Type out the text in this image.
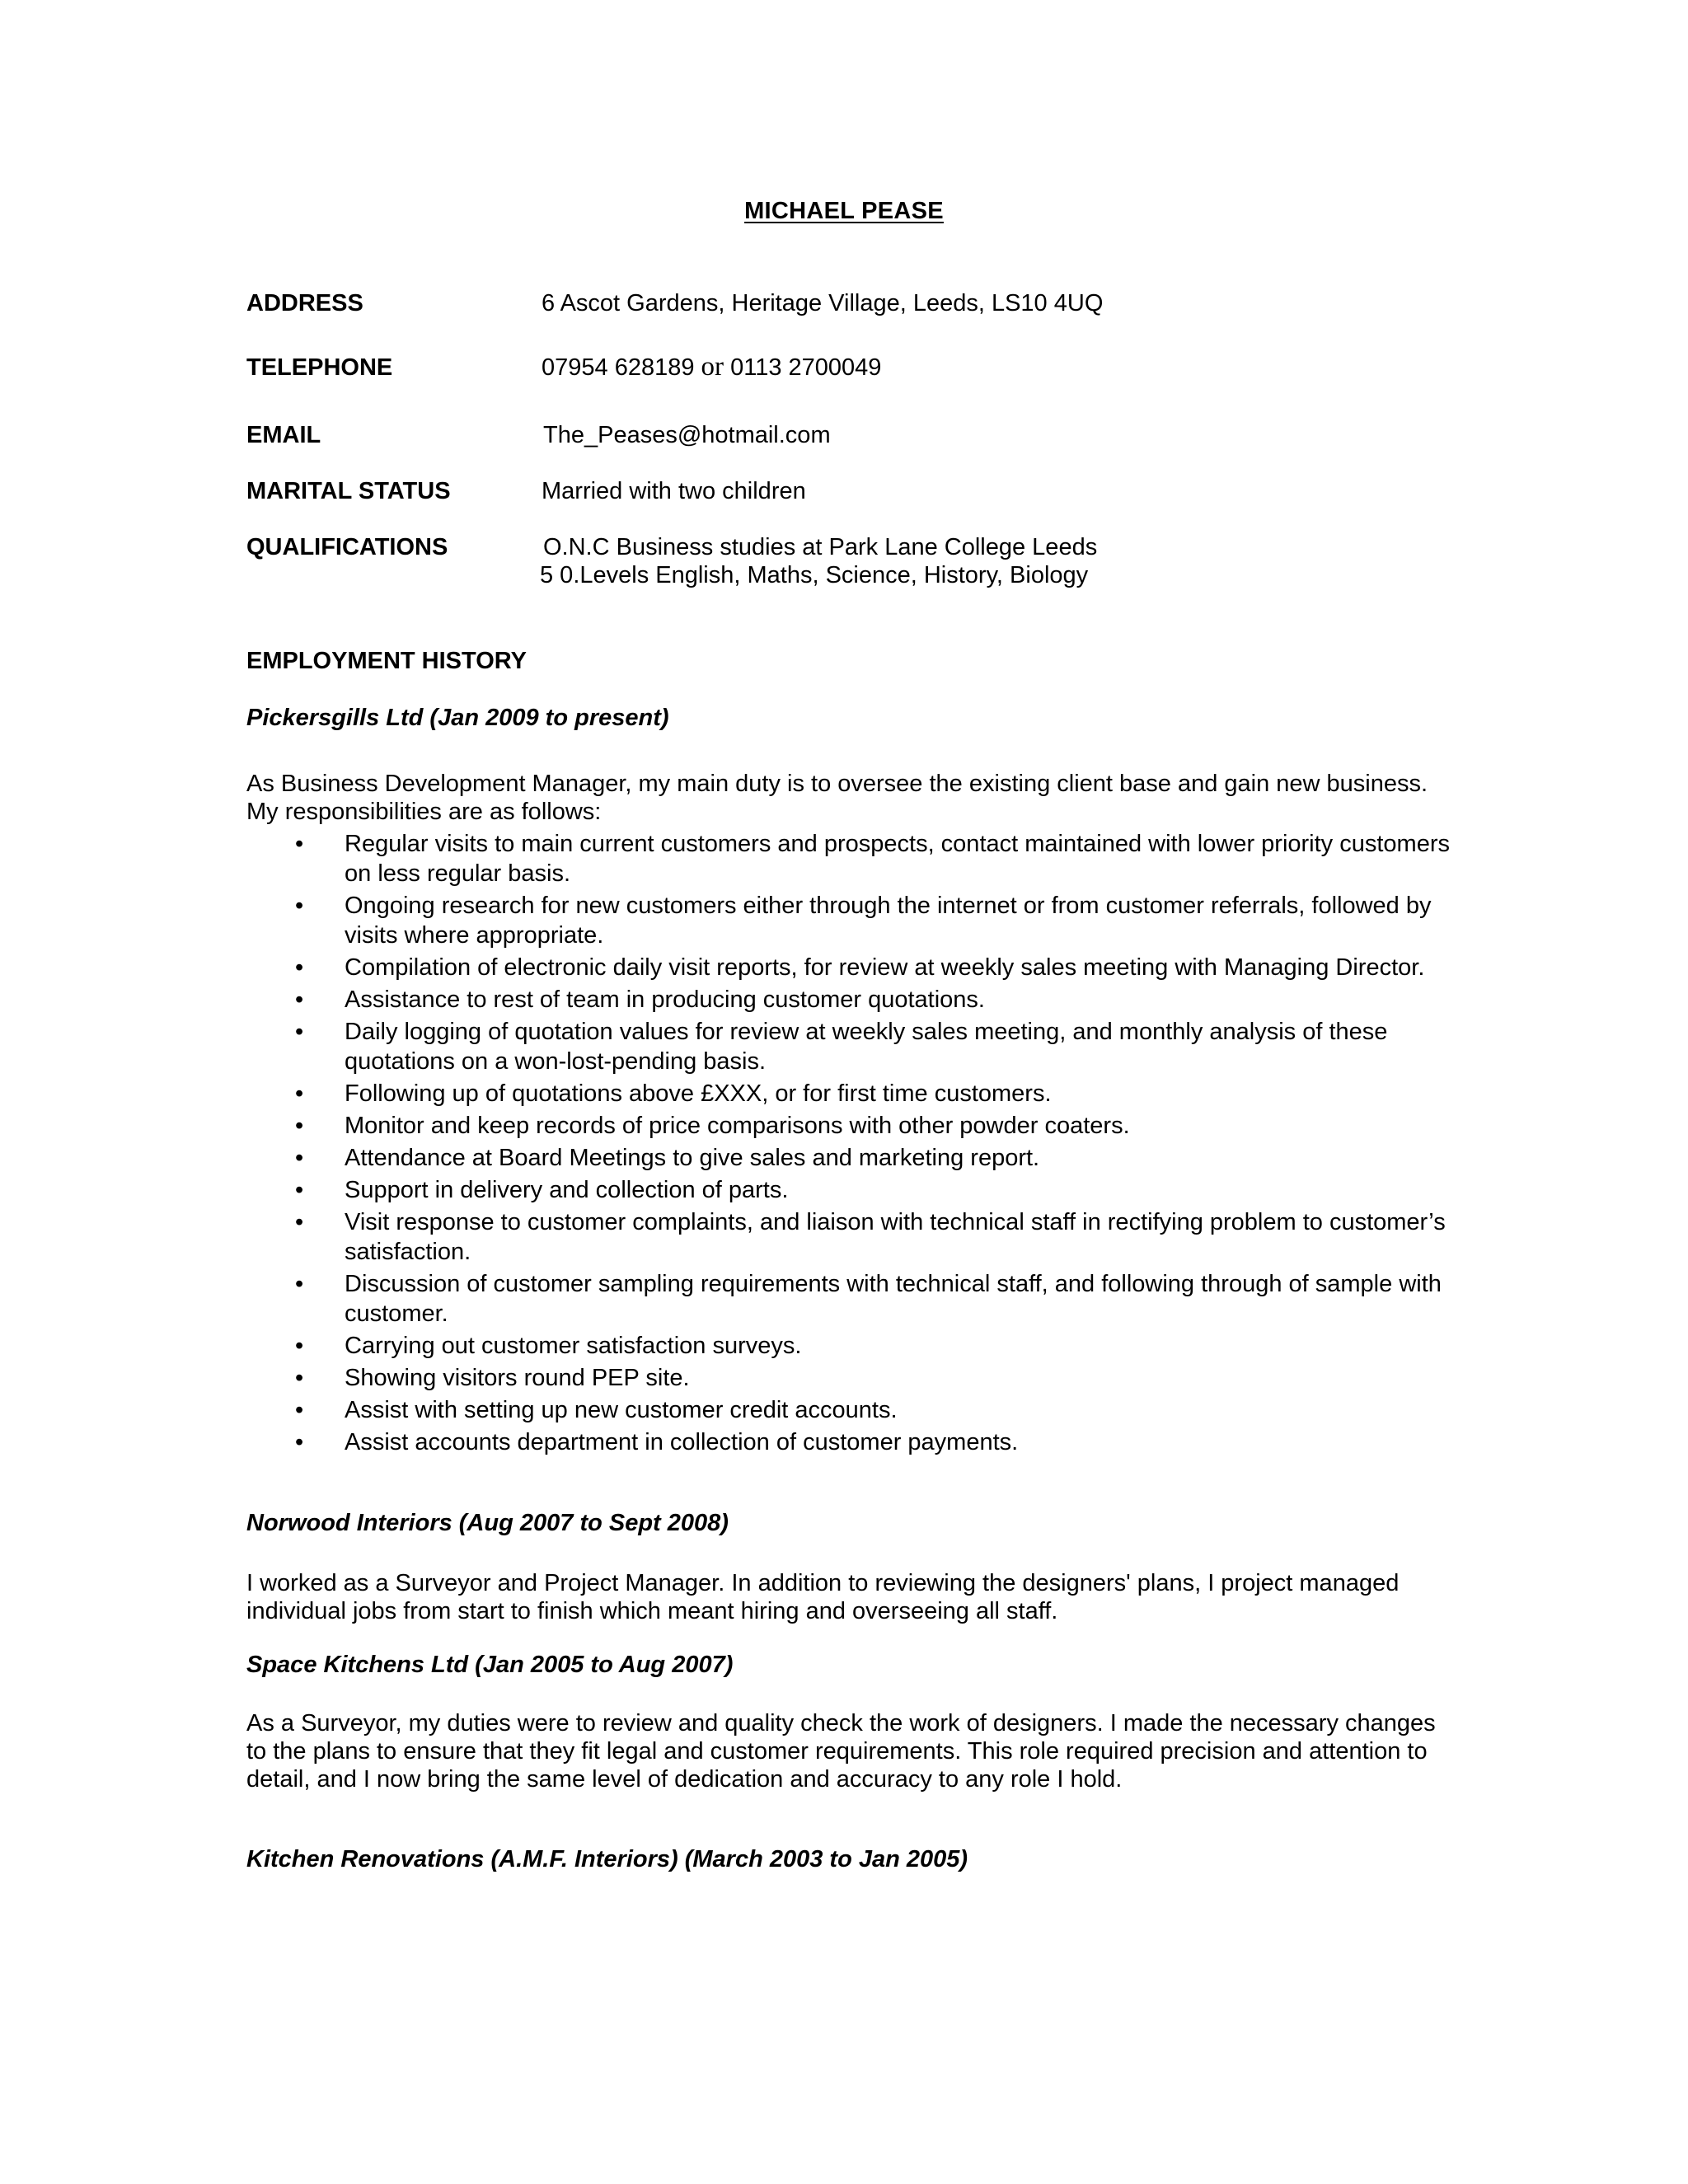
MICHAEL PEASE
ADDRESS	6 Ascot Gardens, Heritage Village, Leeds, LS10 4UQ
TELEPHONE	07954 628189 or 0113 2700049
EMAIL	The_Peases@hotmail.com
MARITAL STATUS	Married with two children
QUALIFICATIONS	O.N.C Business studies at Park Lane College Leeds
5 0.Levels English, Maths, Science, History, Biology
EMPLOYMENT HISTORY
Pickersgills Ltd (Jan 2009 to present)

As Business Development Manager, my main duty is to oversee the existing client base and gain new business. My responsibilities are as follows:

• Regular visits to main current customers and prospects, contact maintained with lower priority customers on less regular basis.
• Ongoing research for new customers either through the internet or from customer referrals, followed by visits where appropriate.
• Compilation of electronic daily visit reports, for review at weekly sales meeting with Managing Director.
• Assistance to rest of team in producing customer quotations.
• Daily logging of quotation values for review at weekly sales meeting, and monthly analysis of these quotations on a won-lost-pending basis.
• Following up of quotations above £XXX, or for first time customers.
• Monitor and keep records of price comparisons with other powder coaters.
• Attendance at Board Meetings to give sales and marketing report.
• Support in delivery and collection of parts.
• Visit response to customer complaints, and liaison with technical staff in rectifying problem to customer’s satisfaction.
• Discussion of customer sampling requirements with technical staff, and following through of sample with customer.
• Carrying out customer satisfaction surveys.
• Showing visitors round PEP site.
• Assist with setting up new customer credit accounts.
• Assist accounts department in collection of customer payments.
Norwood Interiors (Aug 2007 to Sept 2008)

I worked as a Surveyor and Project Manager. In addition to reviewing the designers' plans, I project managed individual jobs from start to finish which meant hiring and overseeing all staff.

Space Kitchens Ltd (Jan 2005 to Aug 2007)

As a Surveyor, my duties were to review and quality check the work of designers. I made the necessary changes to the plans to ensure that they fit legal and customer requirements. This role required precision and attention to detail, and I now bring the same level of dedication and accuracy to any role I hold.

Kitchen Renovations (A.M.F. Interiors) (March 2003 to Jan 2005)
